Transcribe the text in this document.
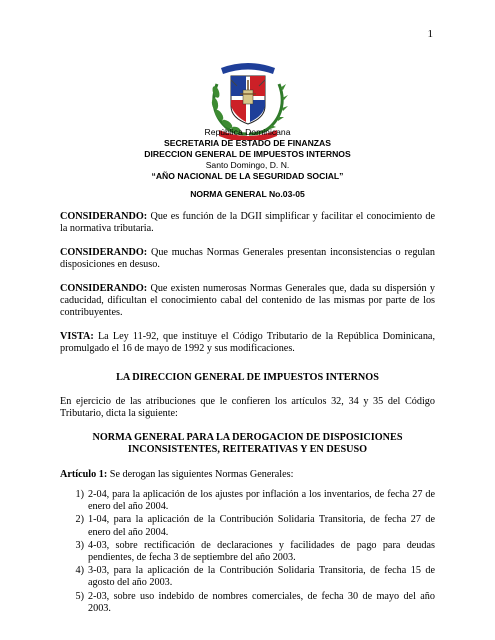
1
República Dominicana
SECRETARIA DE ESTADO DE FINANZAS
DIRECCION GENERAL DE IMPUESTOS INTERNOS
Santo Domingo, D. N.
“AÑO NACIONAL DE LA SEGURIDAD SOCIAL”
NORMA GENERAL No.03-05
CONSIDERANDO: Que es función de la DGII simplificar y facilitar el conocimiento de la normativa tributaria.
CONSIDERANDO: Que muchas Normas Generales presentan inconsistencias o regulan disposiciones en desuso.
CONSIDERANDO: Que existen numerosas Normas Generales que, dada su dispersión y caducidad, dificultan el conocimiento cabal del contenido de las mismas por parte de los contribuyentes.
VISTA: La Ley 11-92, que instituye el Código Tributario de la República Dominicana, promulgado el 16 de mayo de 1992 y sus modificaciones.
LA DIRECCION GENERAL DE IMPUESTOS INTERNOS
En ejercicio de las atribuciones que le confieren los artículos 32, 34 y 35 del Código Tributario, dicta la siguiente:
NORMA GENERAL PARA LA DEROGACION DE DISPOSICIONES
INCONSISTENTES, REITERATIVAS Y EN DESUSO
Artículo 1: Se derogan las siguientes Normas Generales:
1) 2-04, para la aplicación de los ajustes por inflación a los inventarios, de fecha 27 de enero del año 2004.
2) 1-04, para la aplicación de la Contribución Solidaria Transitoria, de fecha 27 de enero del año 2004.
3) 4-03, sobre rectificación de declaraciones y facilidades de pago para deudas pendientes, de fecha 3 de septiembre del año 2003.
4) 3-03, para la aplicación de la Contribución Solidaria Transitoria, de fecha 15 de agosto del año 2003.
5) 2-03, sobre uso indebido de nombres comerciales, de fecha 30 de mayo del año 2003.
